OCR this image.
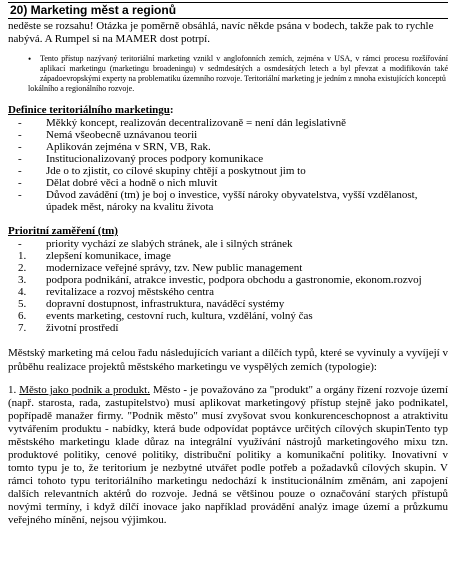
20) Marketing měst a regionů
neděste se rozsahu! Otázka je poměrně obsáhlá, navíc někde psána v bodech, takže pak to rychle nabývá. A Rumpel si na MAMER dost potrpí.
•	Tento přístup nazývaný teritoriální marketing vznikl v anglofonních zemích, zejména v USA, v rámci procesu rozšiřování aplikací marketingu (marketingu broadeningu) v sedmdesátých a osmdesátých letech a byl převzat a modifikován také západoevropskými experty na problematiku územního rozvoje. Teritoriální marketing je jedním z mnoha existujících konceptů
lokálního a regionálního rozvoje.
Definice teritoriálního marketingu:
-	Měkký koncept, realizován decentralizovaně = není dán legislativně
-	Nemá všeobecně uznávanou teorii
-	Aplikován zejména v SRN, VB, Rak.
-	Institucionalizovaný proces podpory komunikace
-	Jde o to zjistit, co cílové skupiny chtějí a poskytnout jim to
-	Dělat dobré věci a hodně o nich mluvit
-	Důvod zavádění (tm) je boj o investice, vyšší nároky obyvatelstva, vyšší vzdělanost, úpadek měst, nároky na kvalitu života
Prioritní zaměření (tm)
-	priority vychází ze slabých stránek, ale i silných stránek
1.	zlepšení komunikace, image
2.	modernizace veřejné správy, tzv. New public management
3.	podpora podnikání, atrakce investic, podpora obchodu a gastronomie, ekonom.rozvoj
4.	revitalizace a rozvoj městského centra
5.	dopravní dostupnost, infrastruktura, naváděcí systémy
6.	events marketing, cestovní ruch, kultura, vzdělání, volný čas
7.	životní prostředí
Městský marketing má celou řadu následujících variant a dílčích typů, které se vyvinuly a vyvíjejí v průběhu realizace projektů městského marketingu ve vyspělých zemích (typologie):
1. Město jako podnik a produkt. Město - je považováno za "produkt" a orgány řízení rozvoje území (např. starosta, rada, zastupitelstvo) musí aplikovat marketingový přístup stejně jako podnikatel, popřípadě manažer firmy. "Podnik město" musí zvyšovat svou konkurenceschopnost a atraktivitu vytvářením produktu - nabídky, která bude odpovídat poptávce určitých cílových skupinTento typ městského marketingu klade důraz na integrální využívání nástrojů marketingového mixu tzn. produktové politiky, cenové politiky, distribuční politiky a komunikační politiky. Inovativní v tomto typu je to, že teritorium je nezbytné utvářet podle potřeb a požadavků cílových skupin. V rámci tohoto typu teritoriálního marketingu nedochází k institucionálním změnám, ani zapojení dalších relevantních aktérů do rozvoje. Jedná se většinou pouze o označování starých přístupů novými termíny, i když dílčí inovace jako například provádění analýz image území a průzkumu veřejného mínění, nejsou výjimkou.
